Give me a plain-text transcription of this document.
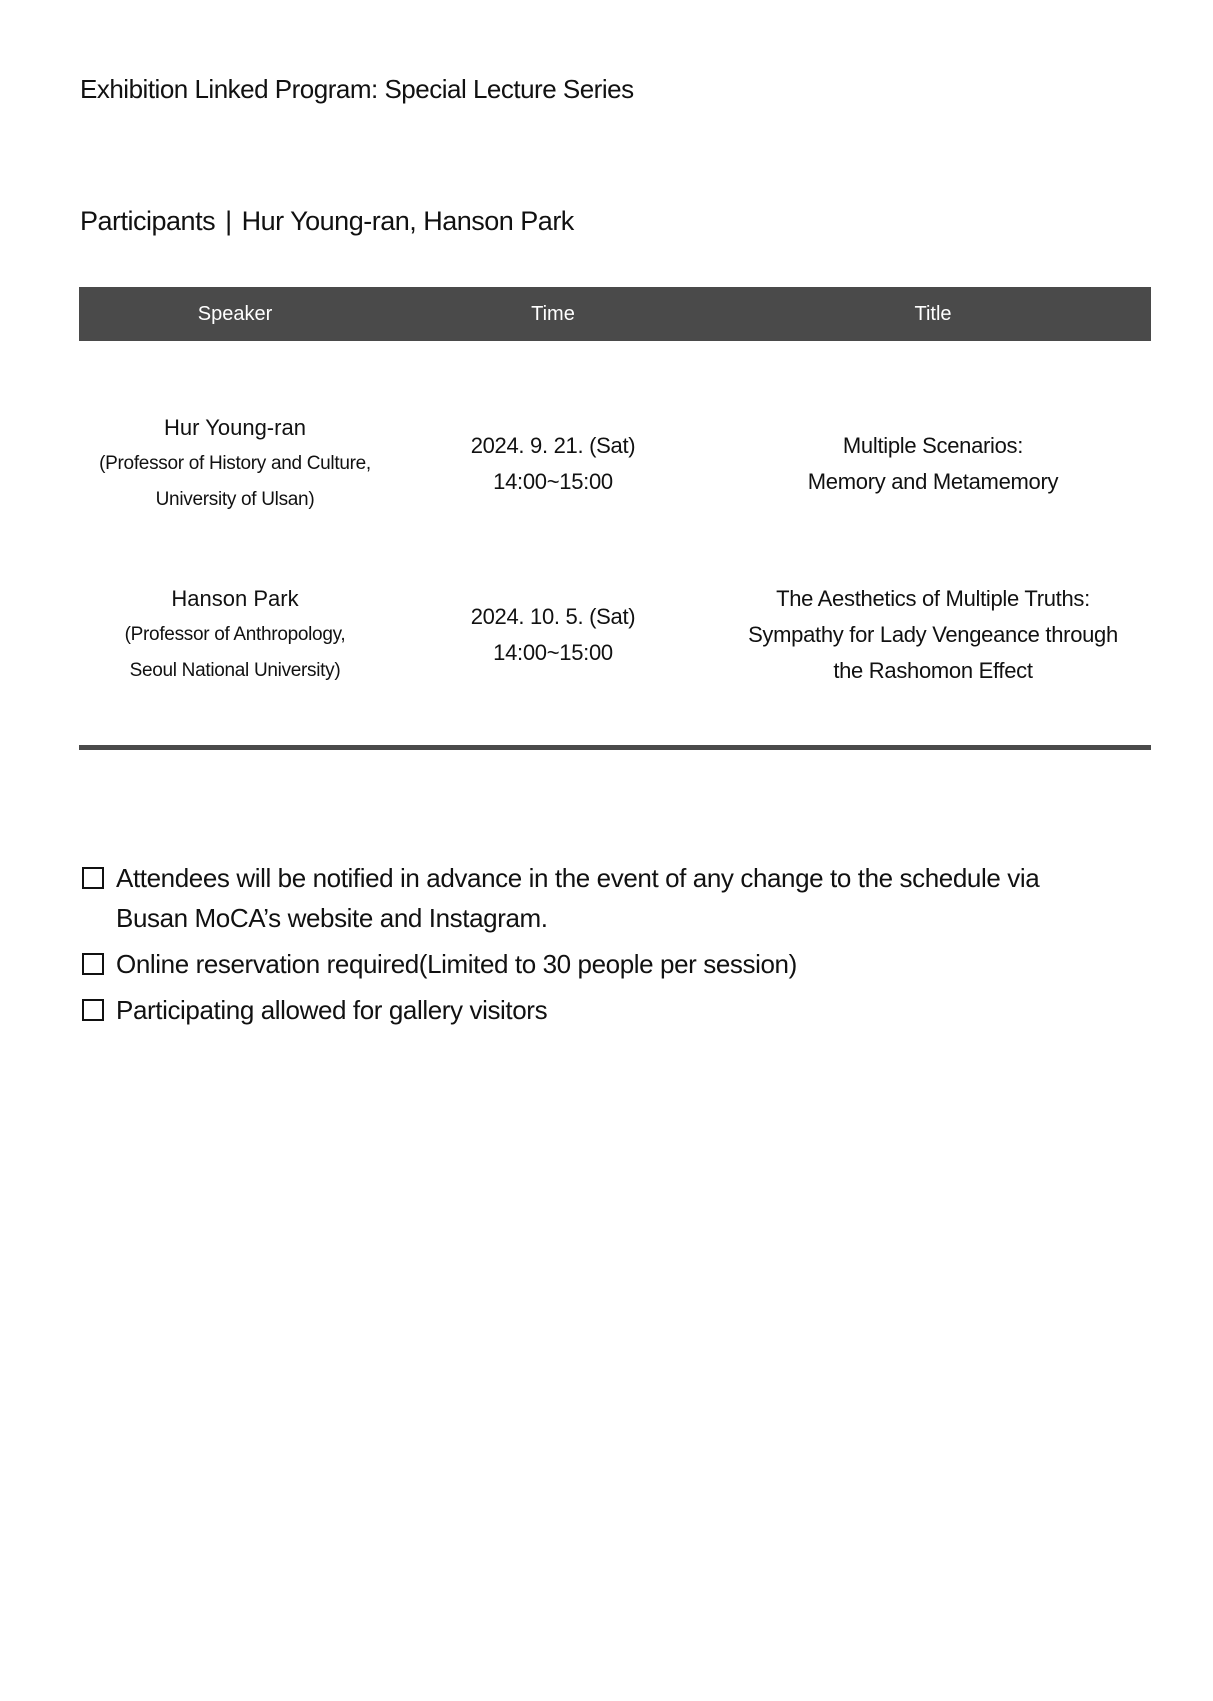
Exhibition Linked Program: Special Lecture Series
Participants | Hur Young-ran, Hanson Park
Speaker	Time	Title
Hur Young-ran
(Professor of History and Culture,
University of Ulsan)
2024. 9. 21. (Sat)
14:00~15:00
Multiple Scenarios:
Memory and Metamemory
Hanson Park
(Professor of Anthropology,
Seoul National University)
2024. 10. 5. (Sat)
14:00~15:00
The Aesthetics of Multiple Truths:
Sympathy for Lady Vengeance through
the Rashomon Effect
Attendees will be notified in advance in the event of any change to the schedule via
Busan MoCA’s website and Instagram.
Online reservation required(Limited to 30 people per session)
Participating allowed for gallery visitors
